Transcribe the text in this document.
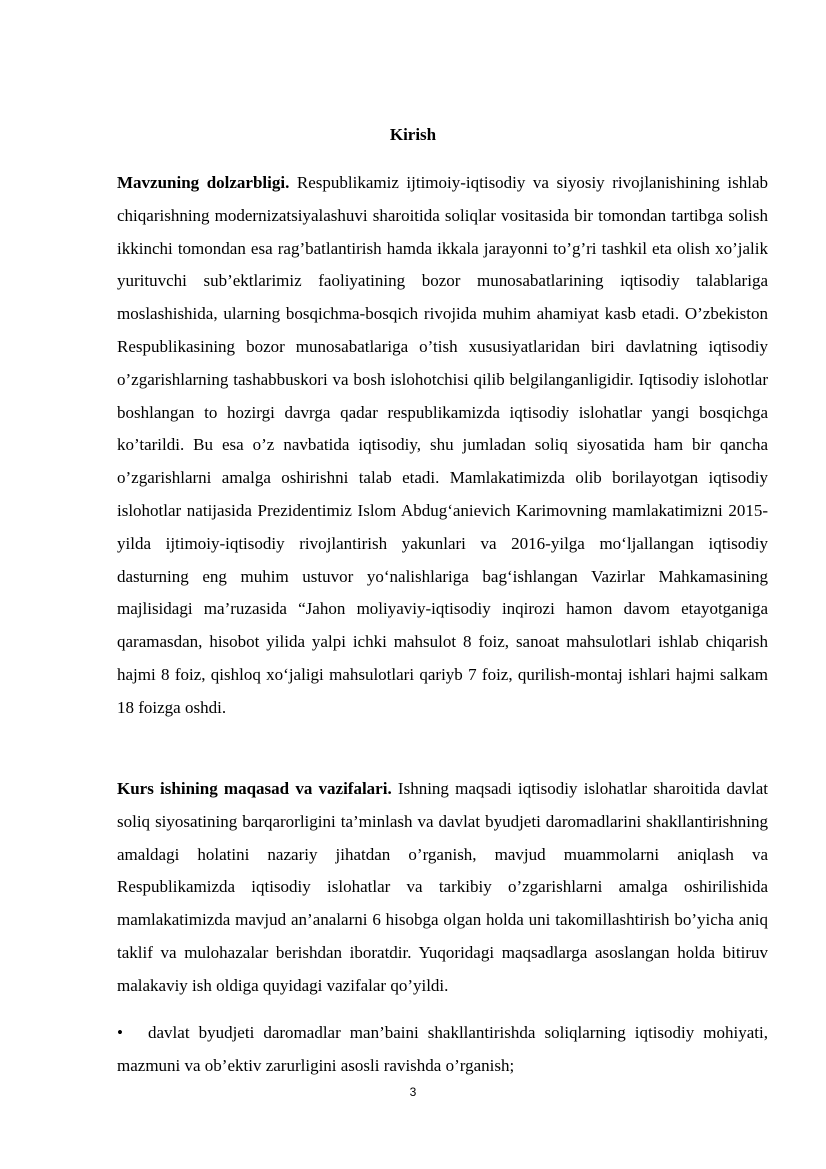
Kirish
Mavzuning dolzarbligi. Respublikamiz ijtimoiy-iqtisodiy va siyosiy rivojlanishining ishlab chiqarishning modernizatsiyalashuvi sharoitida soliqlar vositasida bir tomondan tartibga solish ikkinchi tomondan esa rag’batlantirish hamda ikkala jarayonni to’g’ri tashkil eta olish xo’jalik yurituvchi sub’ektlarimiz faoliyatining bozor munosabatlarining iqtisodiy talablariga moslashishida, ularning bosqichma-bosqich rivojida muhim ahamiyat kasb etadi. O’zbekiston Respublikasining bozor munosabatlariga o’tish xususiyatlaridan biri davlatning iqtisodiy o’zgarishlarning tashabbuskori va bosh islohotchisi qilib belgilanganligidir. Iqtisodiy islohotlar boshlangan to hozirgi davrga qadar respublikamizda iqtisodiy islohatlar yangi bosqichga ko’tarildi. Bu esa o’z navbatida iqtisodiy, shu jumladan soliq siyosatida ham bir qancha o’zgarishlarni amalga oshirishni talab etadi. Mamlakatimizda olib borilayotgan iqtisodiy islohotlar natijasida Prezidentimiz Islom Abdug‘anievich Karimovning mamlakatimizni 2015-yilda ijtimoiy-iqtisodiy rivojlantirish yakunlari va 2016-yilga mo‘ljallangan iqtisodiy dasturning eng muhim ustuvor yo‘nalishlariga bag‘ishlangan Vazirlar Mahkamasining majlisidagi ma’ruzasida “Jahon moliyaviy-iqtisodiy inqirozi hamon davom etayotganiga qaramasdan, hisobot yilida yalpi ichki mahsulot 8 foiz, sanoat mahsulotlari ishlab chiqarish hajmi 8 foiz, qishloq xo‘jaligi mahsulotlari qariyb 7 foiz, qurilish-montaj ishlari hajmi salkam 18 foizga oshdi.
Kurs ishining maqasad va vazifalari. Ishning maqsadi iqtisodiy islohatlar sharoitida davlat soliq siyosatining barqarorligini ta’minlash va davlat byudjeti daromadlarini shakllantirishning amaldagi holatini nazariy jihatdan o’rganish, mavjud muammolarni aniqlash va Respublikamizda iqtisodiy islohatlar va tarkibiy o’zgarishlarni amalga oshirilishida mamlakatimizda mavjud an’analarni 6 hisobga olgan holda uni takomillashtirish bo’yicha aniq taklif va mulohazalar berishdan iboratdir. Yuqoridagi maqsadlarga asoslangan holda bitiruv malakaviy ish oldiga quyidagi vazifalar qo’yildi.
• davlat byudjeti daromadlar man’baini shakllantirishda soliqlarning iqtisodiy mohiyati, mazmuni va ob’ektiv zarurligini asosli ravishda o’rganish;
3
